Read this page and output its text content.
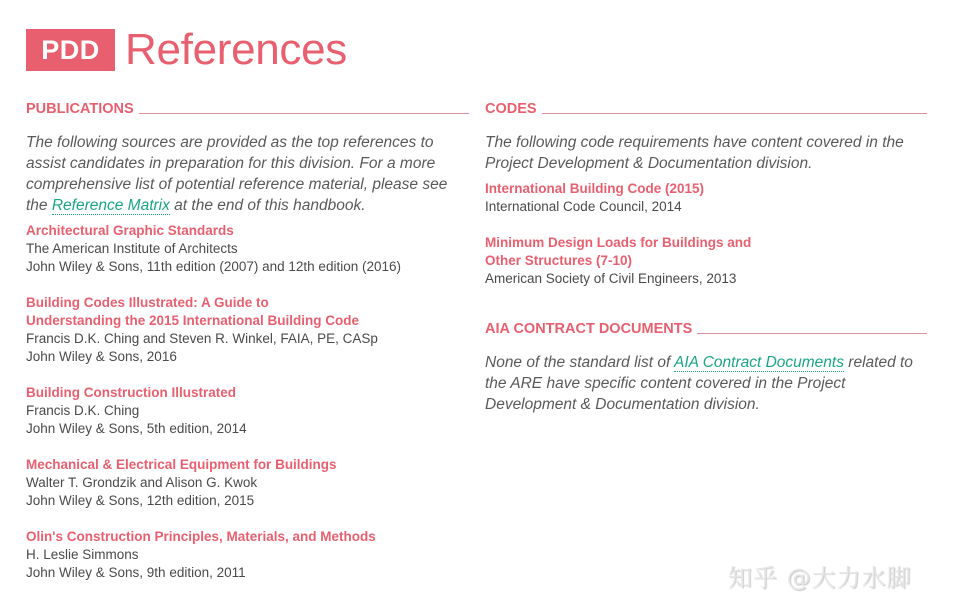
PDD References
PUBLICATIONS

The following sources are provided as the top references to assist candidates in preparation for this division. For a more comprehensive list of potential reference material, please see the Reference Matrix at the end of this handbook.

Architectural Graphic Standards
The American Institute of Architects
John Wiley & Sons, 11th edition (2007) and 12th edition (2016)
Building Codes Illustrated: A Guide to
Understanding the 2015 International Building Code
Francis D.K. Ching and Steven R. Winkel, FAIA, PE, CASp
John Wiley & Sons, 2016
Building Construction Illustrated
Francis D.K. Ching
John Wiley & Sons, 5th edition, 2014
Mechanical & Electrical Equipment for Buildings
Walter T. Grondzik and Alison G. Kwok
John Wiley & Sons, 12th edition, 2015
Olin's Construction Principles, Materials, and Methods
H. Leslie Simmons
John Wiley & Sons, 9th edition, 2011
CODES

The following code requirements have content covered in the Project Development & Documentation division.

International Building Code (2015)
International Code Council, 2014
Minimum Design Loads for Buildings and
Other Structures (7-10)
American Society of Civil Engineers, 2013
AIA CONTRACT DOCUMENTS

None of the standard list of AIA Contract Documents related to the ARE have specific content covered in the Project Development & Documentation division.

知乎 @大力水脚
